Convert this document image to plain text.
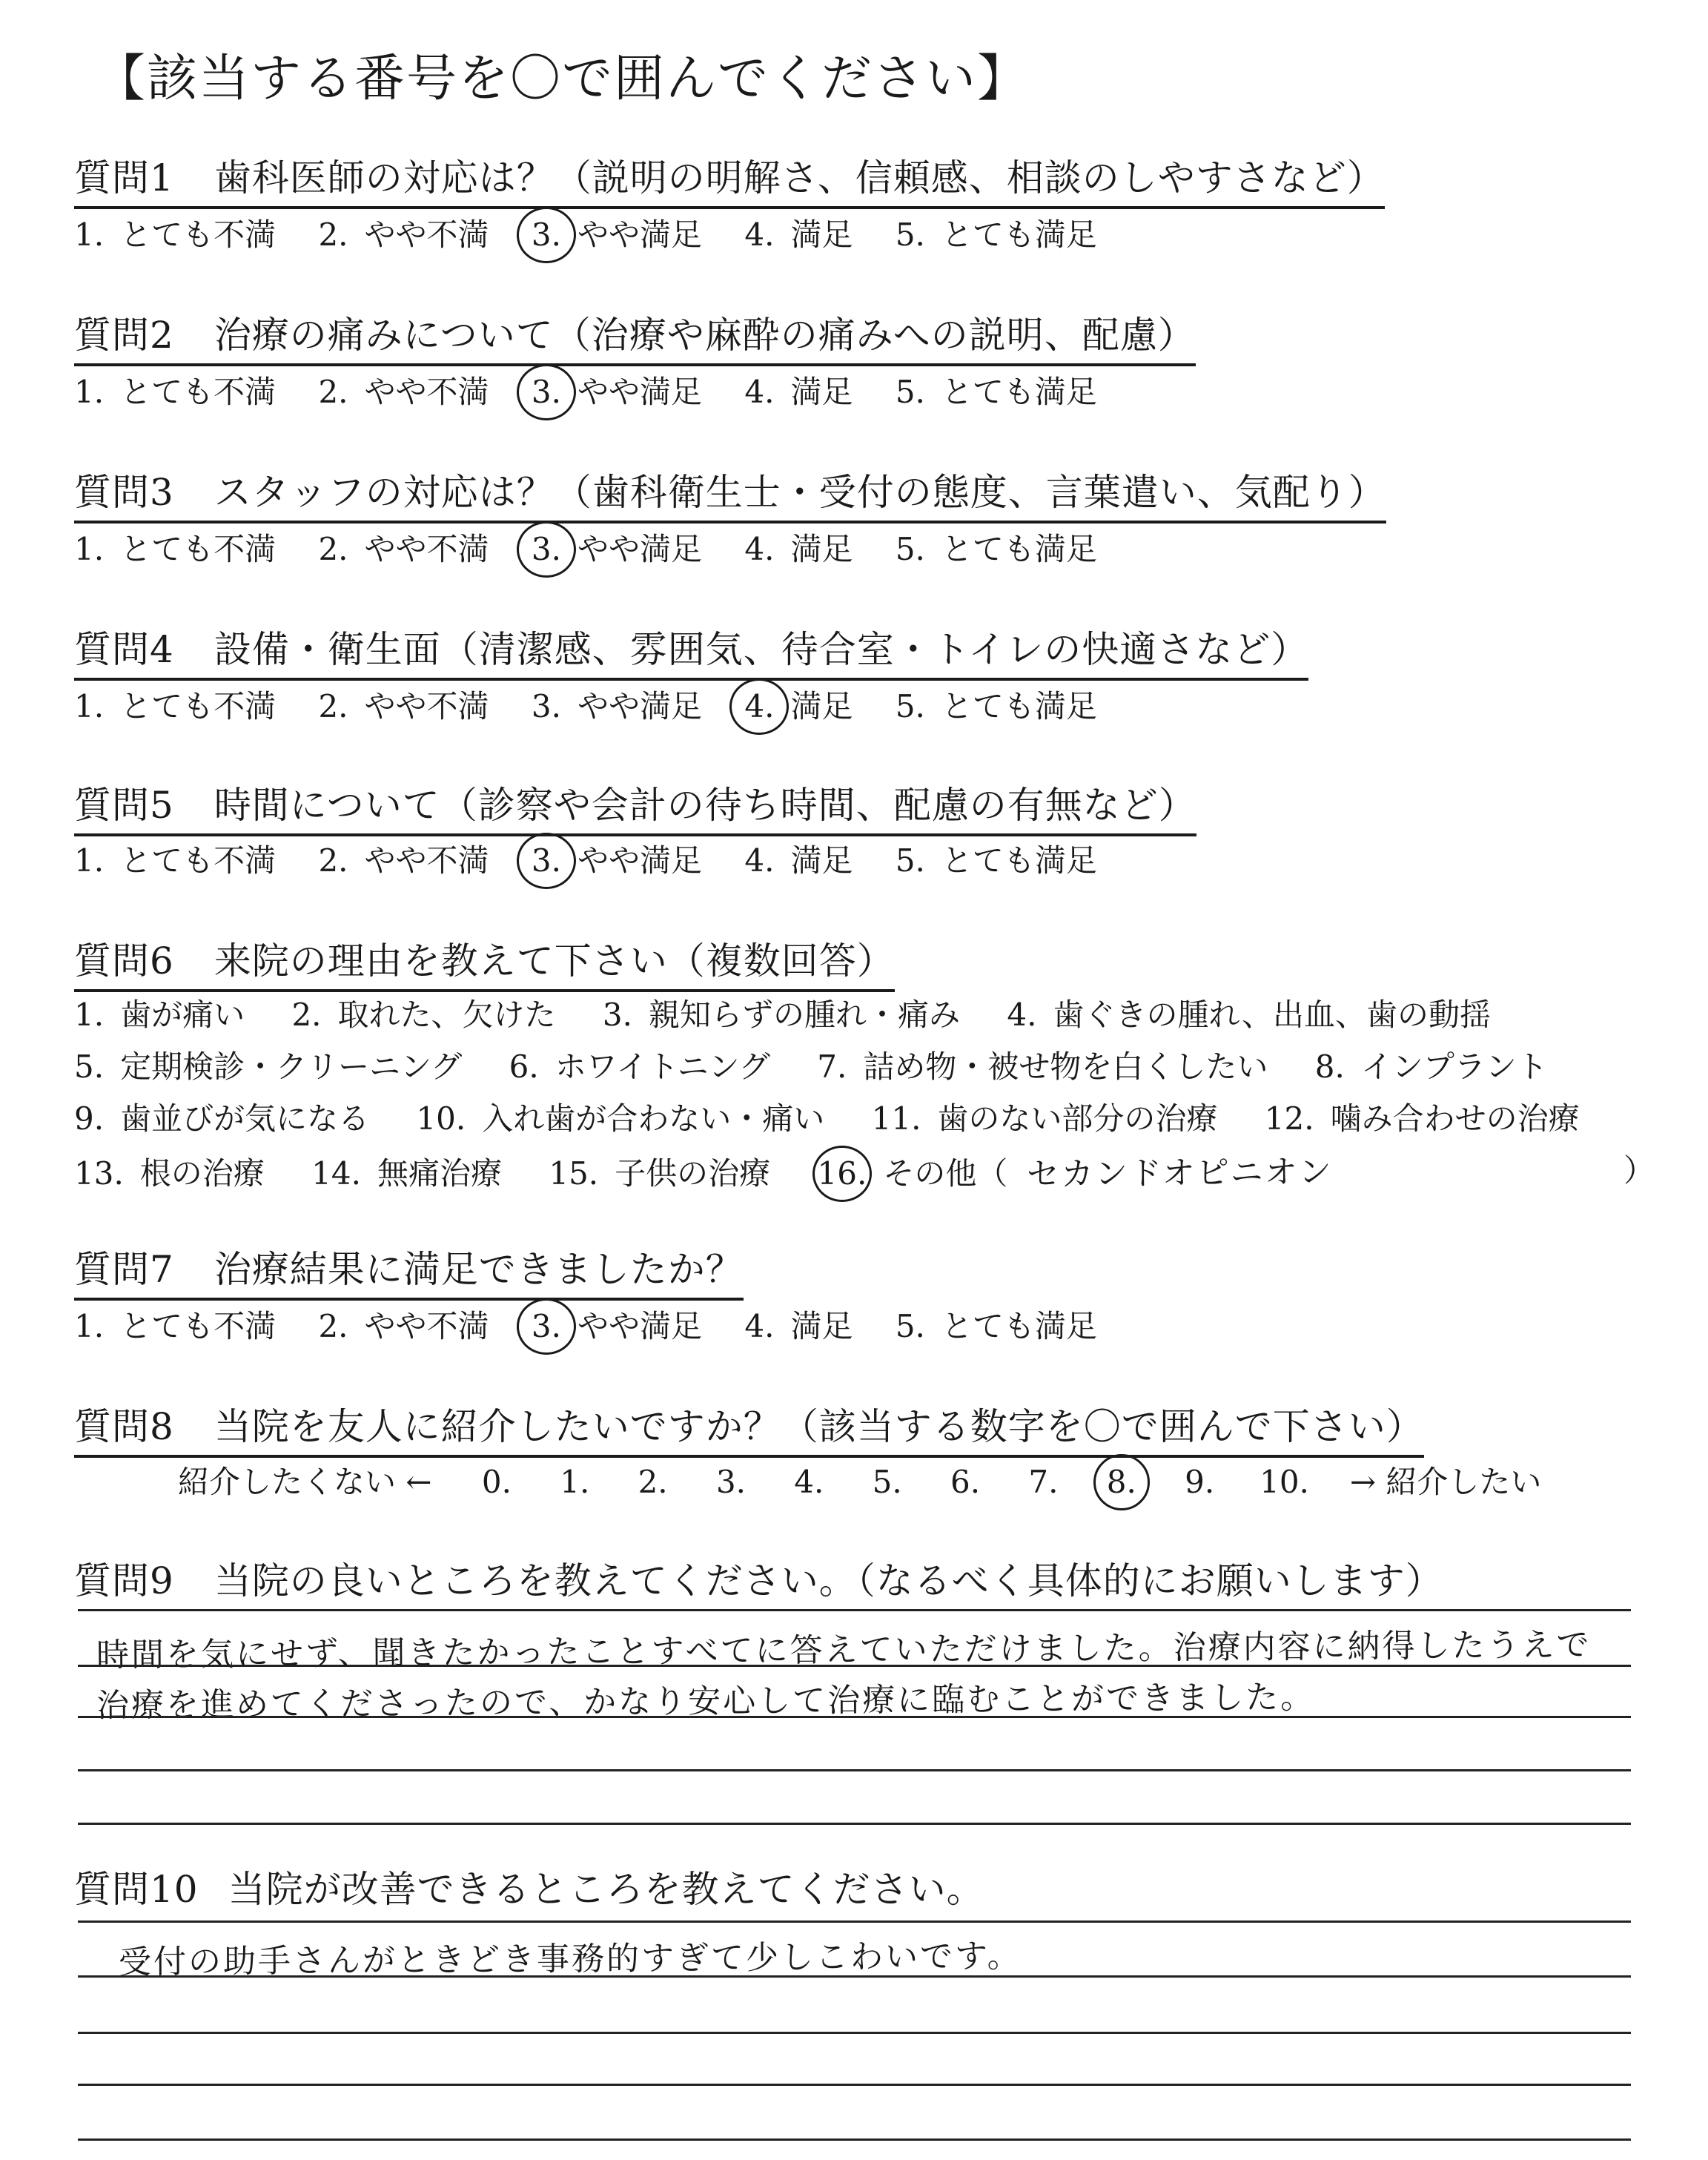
【該当する番号を〇で囲んでください】
質問1 歯科医師の対応は？（説明の明解さ、信頼感、相談のしやすさなど）
1. とても不満 2. やや不満 3. やや満足 4. 満足 5. とても満足
質問2 治療の痛みについて（治療や麻酔の痛みへの説明、配慮）
1. とても不満 2. やや不満 3. やや満足 4. 満足 5. とても満足
質問3 スタッフの対応は？（歯科衛生士・受付の態度、言葉遣い、気配り）
1. とても不満 2. やや不満 3. やや満足 4. 満足 5. とても満足
質問4 設備・衛生面（清潔感、雰囲気、待合室・トイレの快適さなど）
1. とても不満 2. やや不満 3. やや満足 4. 満足 5. とても満足
質問5 時間について（診察や会計の待ち時間、配慮の有無など）
1. とても不満 2. やや不満 3. やや満足 4. 満足 5. とても満足
質問6 来院の理由を教えて下さい（複数回答）
1. 歯が痛い 2. 取れた、欠けた 3. 親知らずの腫れ・痛み 4. 歯ぐきの腫れ、出血、歯の動揺
5. 定期検診・クリーニング 6. ホワイトニング 7. 詰め物・被せ物を白くしたい 8. インプラント
9. 歯並びが気になる 10. 入れ歯が合わない・痛い 11. 歯のない部分の治療 12. 噛み合わせの治療
13. 根の治療 14. 無痛治療 15. 子供の治療 16. その他（ セカンドオピニオン	）
質問7 治療結果に満足できましたか？
1. とても不満 2. やや不満 3. やや満足 4. 満足 5. とても満足
質問8 当院を友人に紹介したいですか？（該当する数字を〇で囲んで下さい）
紹介したくない ← 0. 1. 2. 3. 4. 5. 6. 7. 8. 9. 10. → 紹介したい
質問9 当院の良いところを教えてください。（なるべく具体的にお願いします）
時間を気にせず、聞きたかったことすべてに答えていただけました。治療内容に納得したうえで
治療を進めてくださったので、かなり安心して治療に臨むことができました。
質問10 当院が改善できるところを教えてください。
受付の助手さんがときどき事務的すぎて少しこわいです。
